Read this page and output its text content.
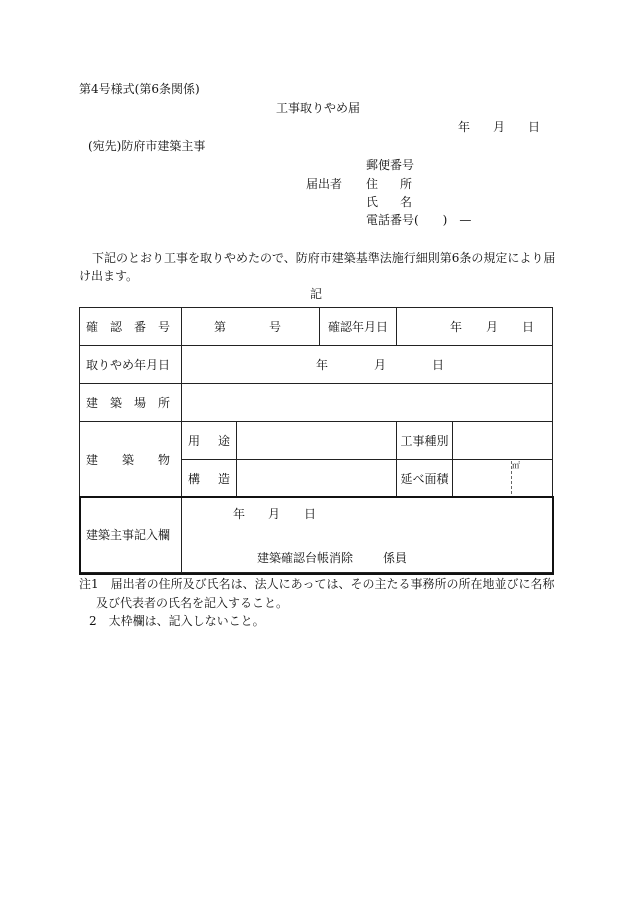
第4号様式(第6条関係)
工事取りやめ届
年 月 日
(宛先)防府市建築主事
郵便番号
届出者 住 所
氏 名
電話番号(　　)　—
下記のとおり工事を取りやめたので、防府市建築基準法施行細則第6条の規定により届
け出ます。
記
確　認　番　号	第 号		確認年月日	年 月 日	

取りやめ年月日	年 月 日				

建　築　場　所					
建　　築　　物	用 途			工事種別	

	構 造			延べ面積	㎡

建築主事記入欄	年 月 日
建築確認台帳消除 係員				
注1　届出者の住所及び氏名は、法人にあっては、その主たる事務所の所在地並びに名称
及び代表者の氏名を記入すること。
2　太枠欄は、記入しないこと。
